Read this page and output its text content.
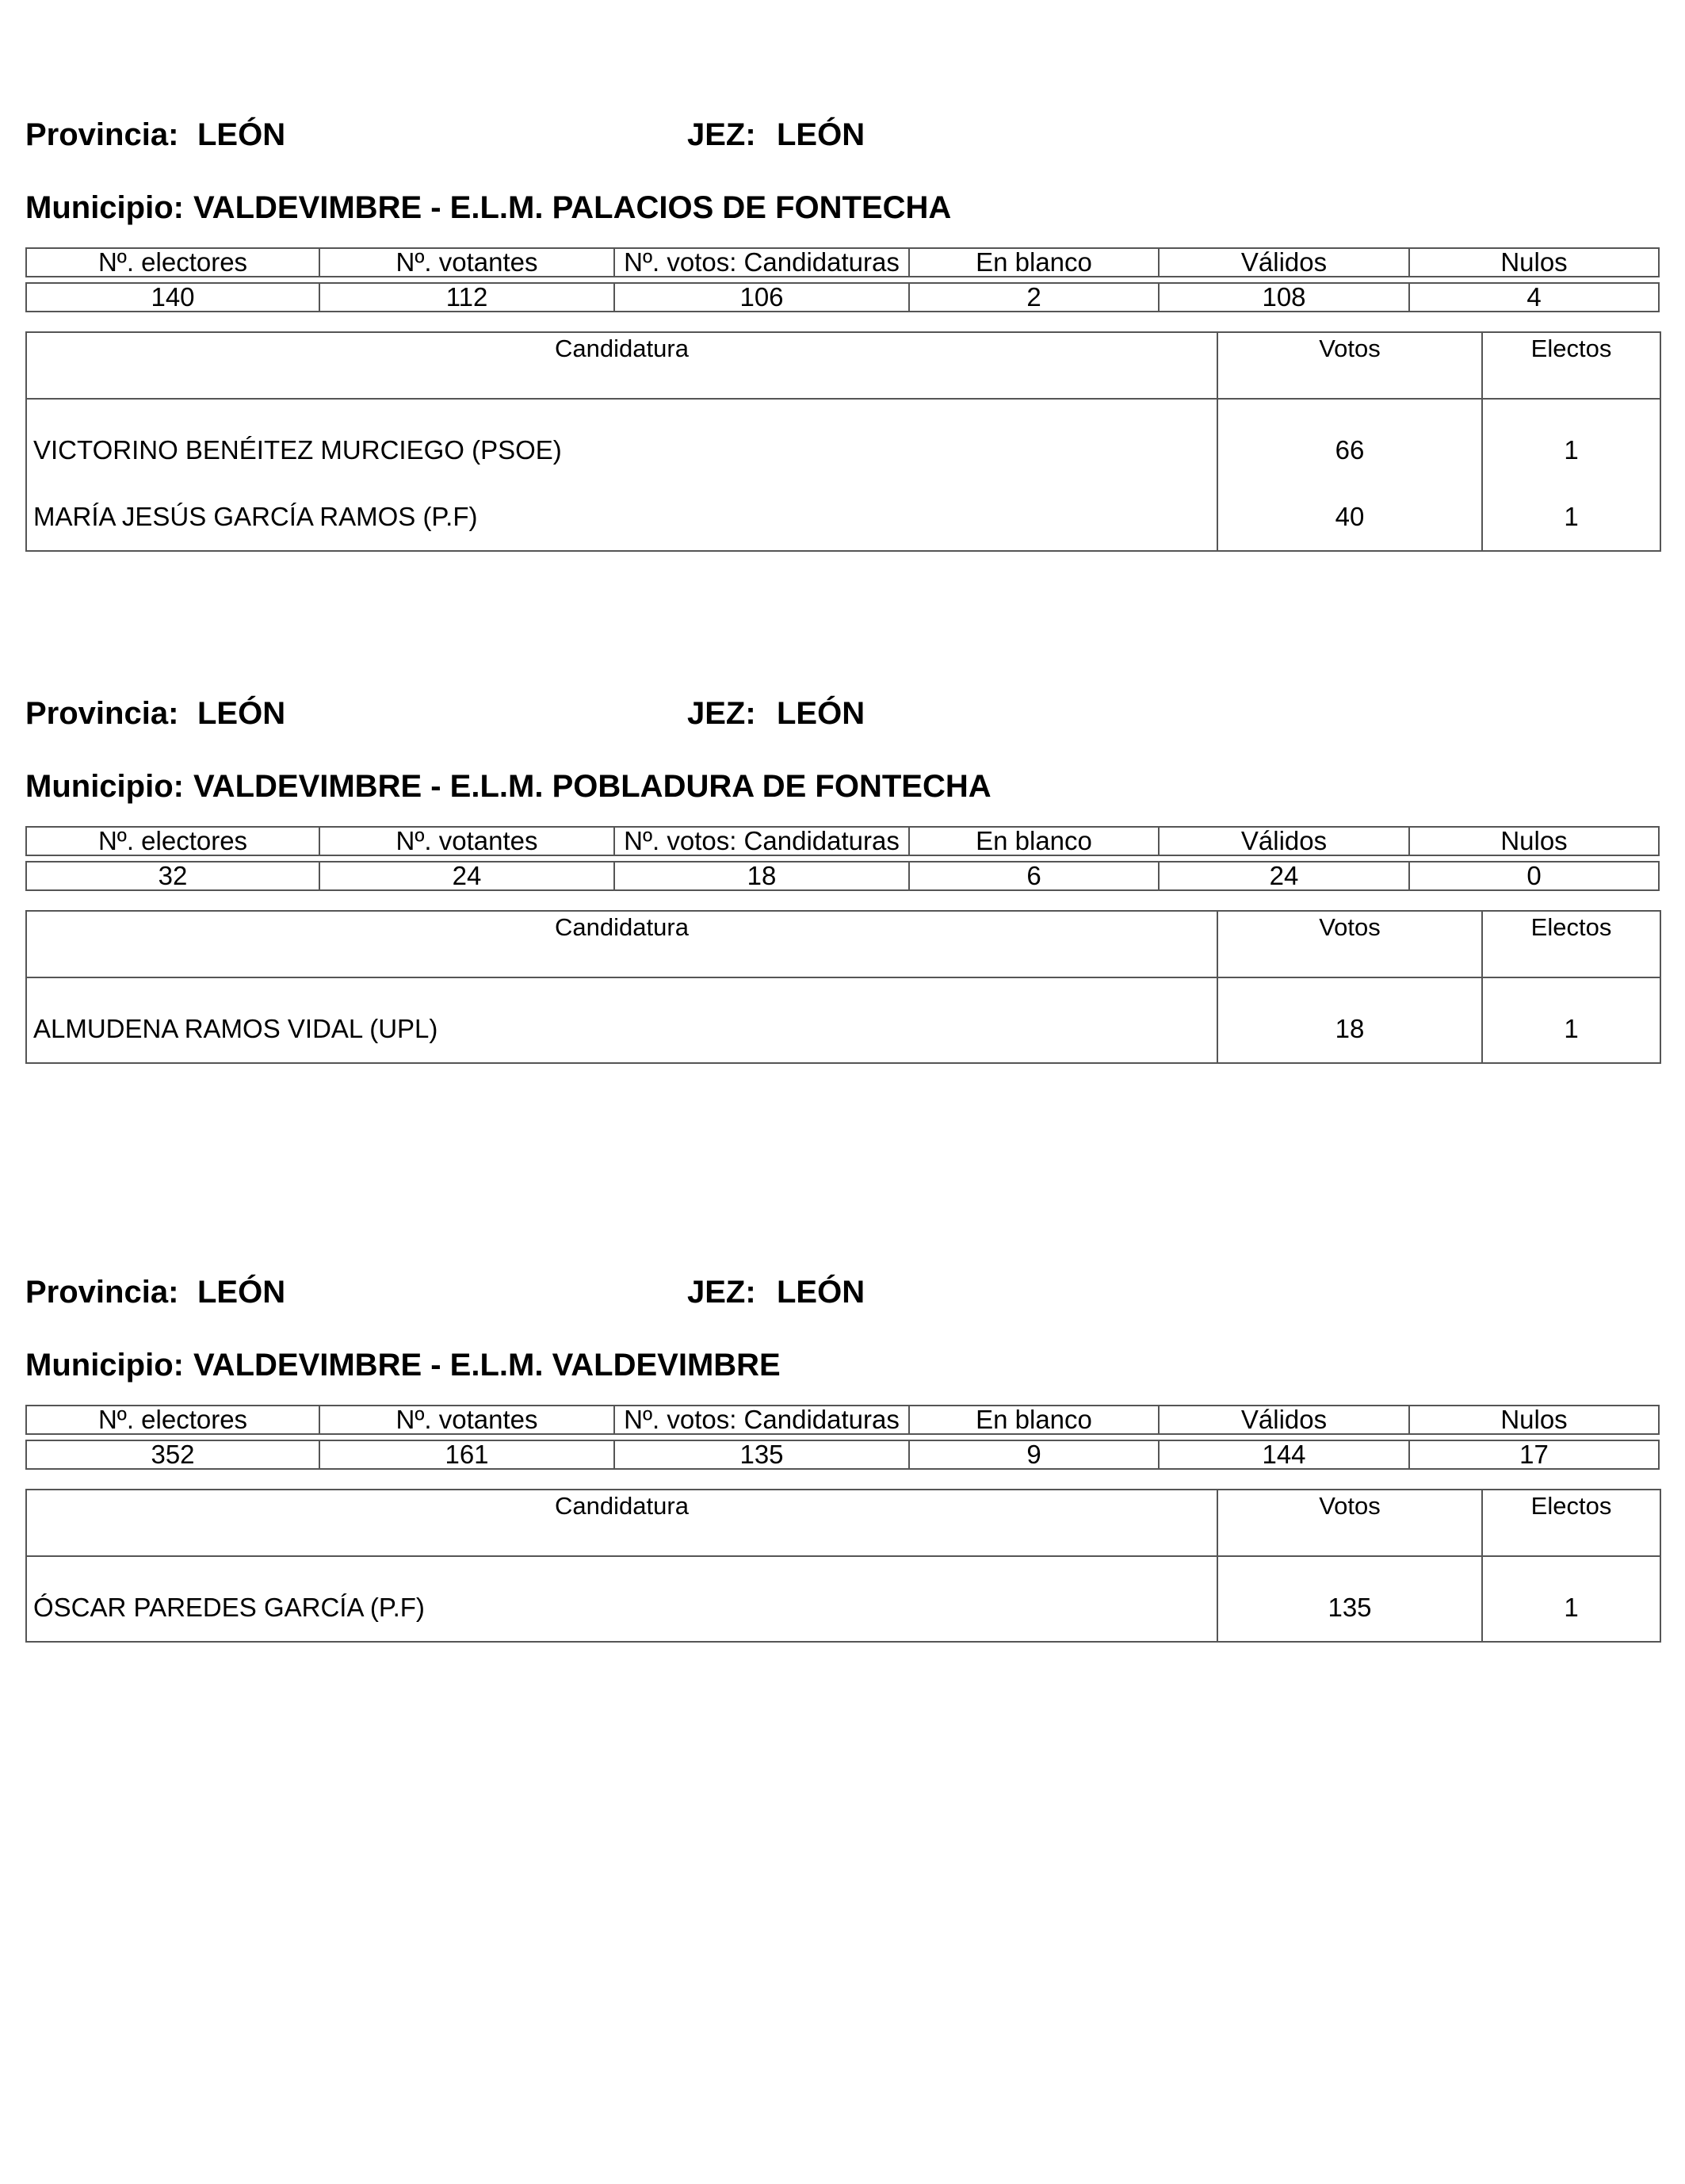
Provincia: LEÓN	JEZ: LEÓN
Municipio: VALDEVIMBRE - E.L.M. PALACIOS DE FONTECHA
Nº. electores	Nº. votantes	Nº. votos: Candidaturas	En blanco	Válidos	Nulos
140	112	106	2	108	4
Candidatura	Votos	Electos
VICTORINO BENÉITEZ MURCIEGO (PSOE)	66	1
MARÍA JESÚS GARCÍA RAMOS (P.F)	40	1
Provincia: LEÓN	JEZ: LEÓN
Municipio: VALDEVIMBRE - E.L.M. POBLADURA DE FONTECHA
Nº. electores	Nº. votantes	Nº. votos: Candidaturas	En blanco	Válidos	Nulos
32	24	18	6	24	0
Candidatura	Votos	Electos
ALMUDENA RAMOS VIDAL (UPL)	18	1
Provincia: LEÓN	JEZ: LEÓN
Municipio: VALDEVIMBRE - E.L.M. VALDEVIMBRE
Nº. electores	Nº. votantes	Nº. votos: Candidaturas	En blanco	Válidos	Nulos
352	161	135	9	144	17
Candidatura	Votos	Electos
ÓSCAR PAREDES GARCÍA (P.F)	135	1
